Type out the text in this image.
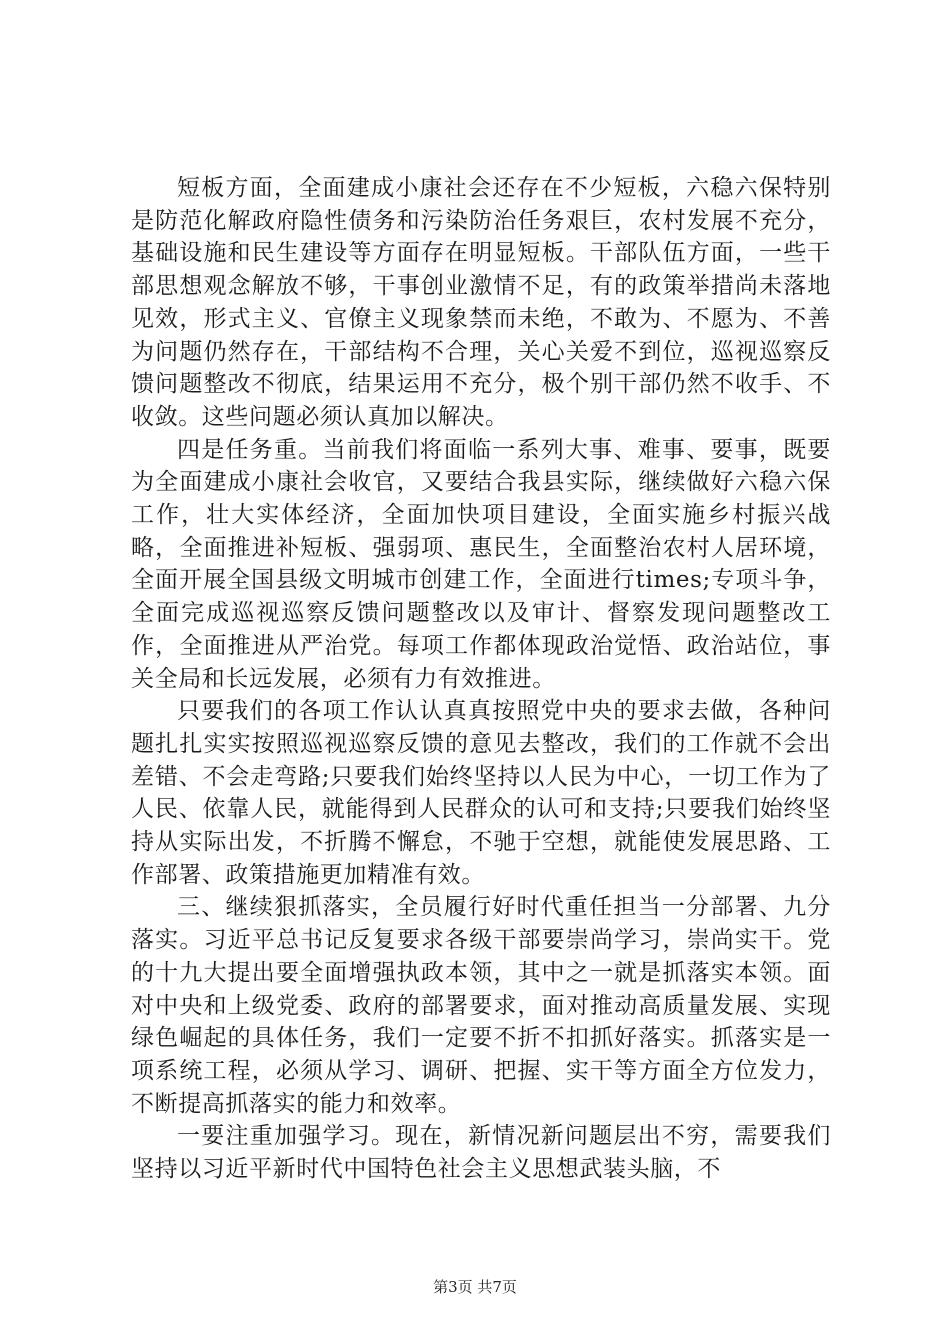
短板方面，全面建成小康社会还存在不少短板，六稳六保特别是防范化解政府隐性债务和污染防治任务艰巨，农村发展不充分，基础设施和民生建设等方面存在明显短板。干部队伍方面，一些干部思想观念解放不够，干事创业激情不足，有的政策举措尚未落地见效，形式主义、官僚主义现象禁而未绝，不敢为、不愿为、不善为问题仍然存在，干部结构不合理，关心关爱不到位，巡视巡察反馈问题整改不彻底，结果运用不充分，极个别干部仍然不收手、不收敛。这些问题必须认真加以解决。

四是任务重。当前我们将面临一系列大事、难事、要事，既要为全面建成小康社会收官，又要结合我县实际，继续做好六稳六保工作，壮大实体经济，全面加快项目建设，全面实施乡村振兴战略，全面推进补短板、强弱项、惠民生，全面整治农村人居环境，全面开展全国县级文明城市创建工作，全面进行times;专项斗争，全面完成巡视巡察反馈问题整改以及审计、督察发现问题整改工作，全面推进从严治党。每项工作都体现政治觉悟、政治站位，事关全局和长远发展，必须有力有效推进。

只要我们的各项工作认认真真按照党中央的要求去做，各种问题扎扎实实按照巡视巡察反馈的意见去整改，我们的工作就不会出差错、不会走弯路;只要我们始终坚持以人民为中心，一切工作为了人民、依靠人民，就能得到人民群众的认可和支持;只要我们始终坚持从实际出发，不折腾不懈怠，不驰于空想，就能使发展思路、工作部署、政策措施更加精准有效。

三、继续狠抓落实，全员履行好时代重任担当一分部署、九分落实。习近平总书记反复要求各级干部要崇尚学习，崇尚实干。党的十九大提出要全面增强执政本领，其中之一就是抓落实本领。面对中央和上级党委、政府的部署要求，面对推动高质量发展、实现绿色崛起的具体任务，我们一定要不折不扣抓好落实。抓落实是一项系统工程，必须从学习、调研、把握、实干等方面全方位发力，不断提高抓落实的能力和效率。

一要注重加强学习。现在，新情况新问题层出不穷，需要我们坚持以习近平新时代中国特色社会主义思想武装头脑，不

第3页 共7页
